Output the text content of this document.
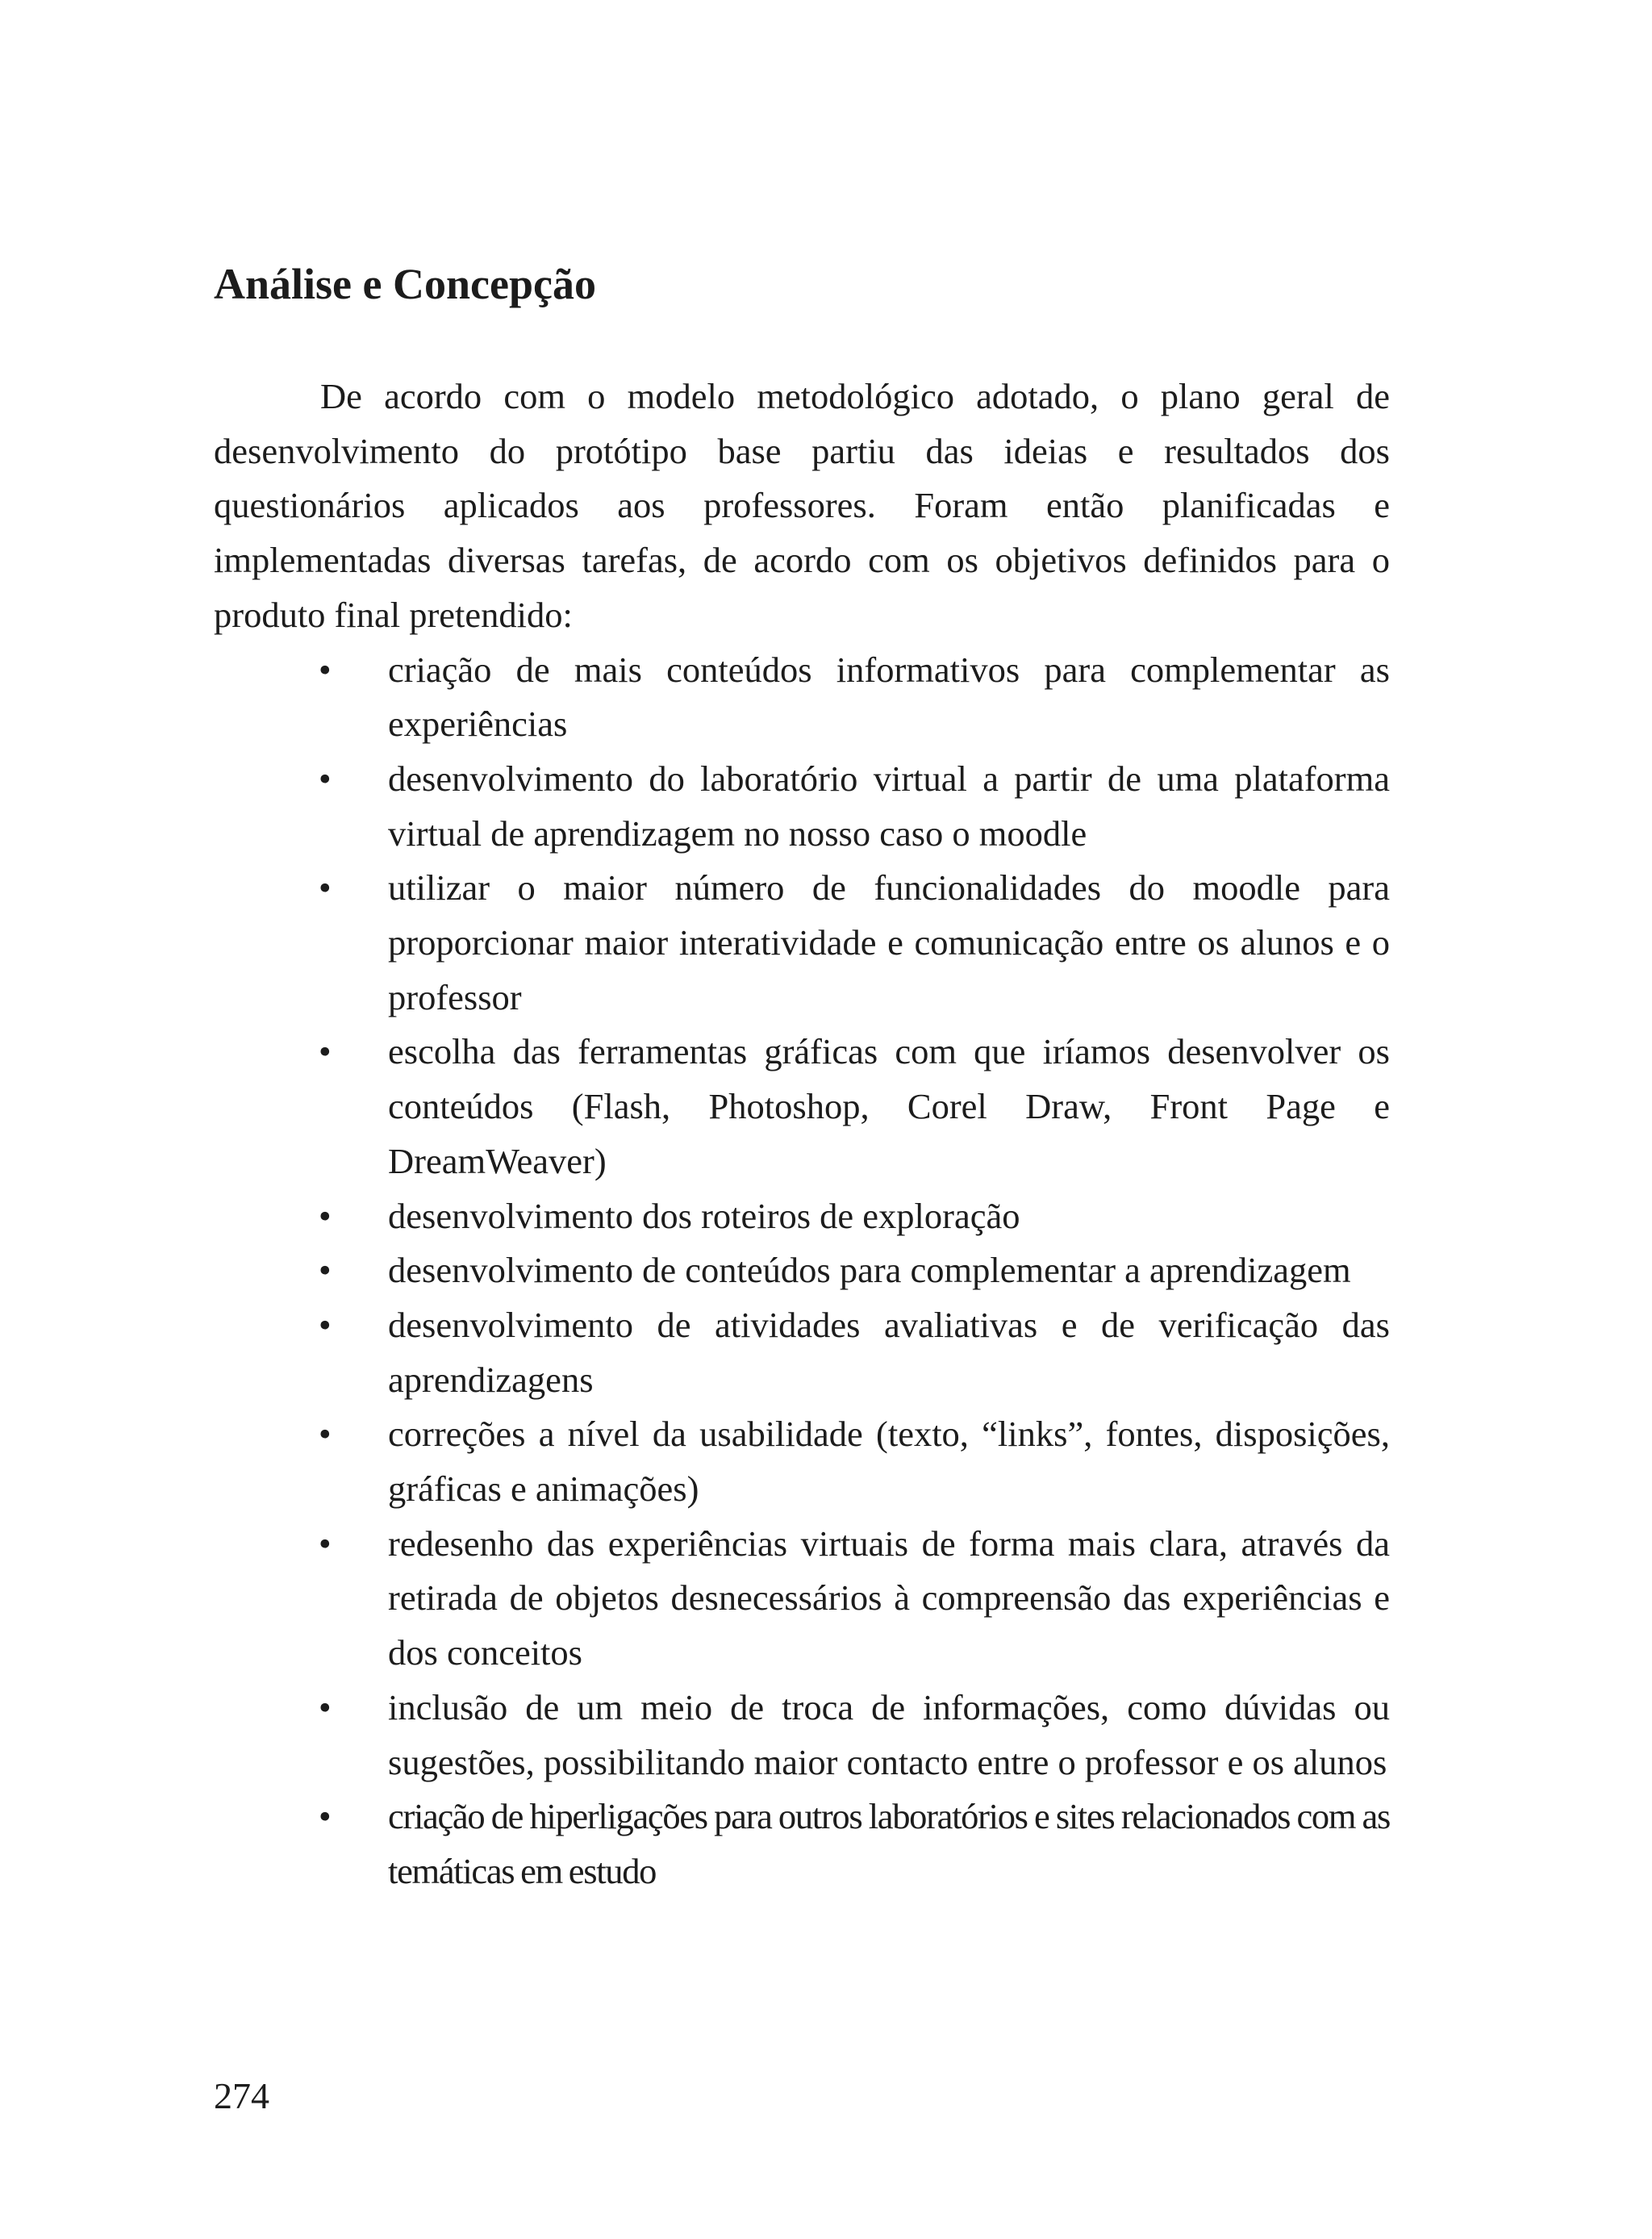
Análise e Concepção

De acordo com o modelo metodológico adotado, o plano geral de desenvolvimento do protótipo base partiu das ideias e resultados dos questionários aplicados aos professores. Foram então planificadas e implementadas diversas tarefas, de acordo com os objetivos definidos para o produto final pretendido:

• criação de mais conteúdos informativos para complementar as experiências
• desenvolvimento do laboratório virtual a partir de uma plataforma virtual de aprendizagem no nosso caso o moodle
• utilizar o maior número de funcionalidades do moodle para proporcionar maior interatividade e comunicação entre os alunos e o professor
• escolha das ferramentas gráficas com que iríamos desenvolver os conteúdos (Flash, Photoshop, Corel Draw, Front Page e DreamWeaver)
• desenvolvimento dos roteiros de exploração
• desenvolvimento de conteúdos para complementar a aprendizagem
• desenvolvimento de atividades avaliativas e de verificação das aprendizagens
• correções a nível da usabilidade (texto, “links”, fontes, disposições, gráficas e animações)
• redesenho das experiências virtuais de forma mais clara, através da retirada de objetos desnecessários à compreensão das experiências e dos conceitos
• inclusão de um meio de troca de informações, como dúvidas ou sugestões, possibilitando maior contacto entre o professor e os alunos
• criação de hiperligações para outros laboratórios e sites relacionados com as temáticas em estudo
274
